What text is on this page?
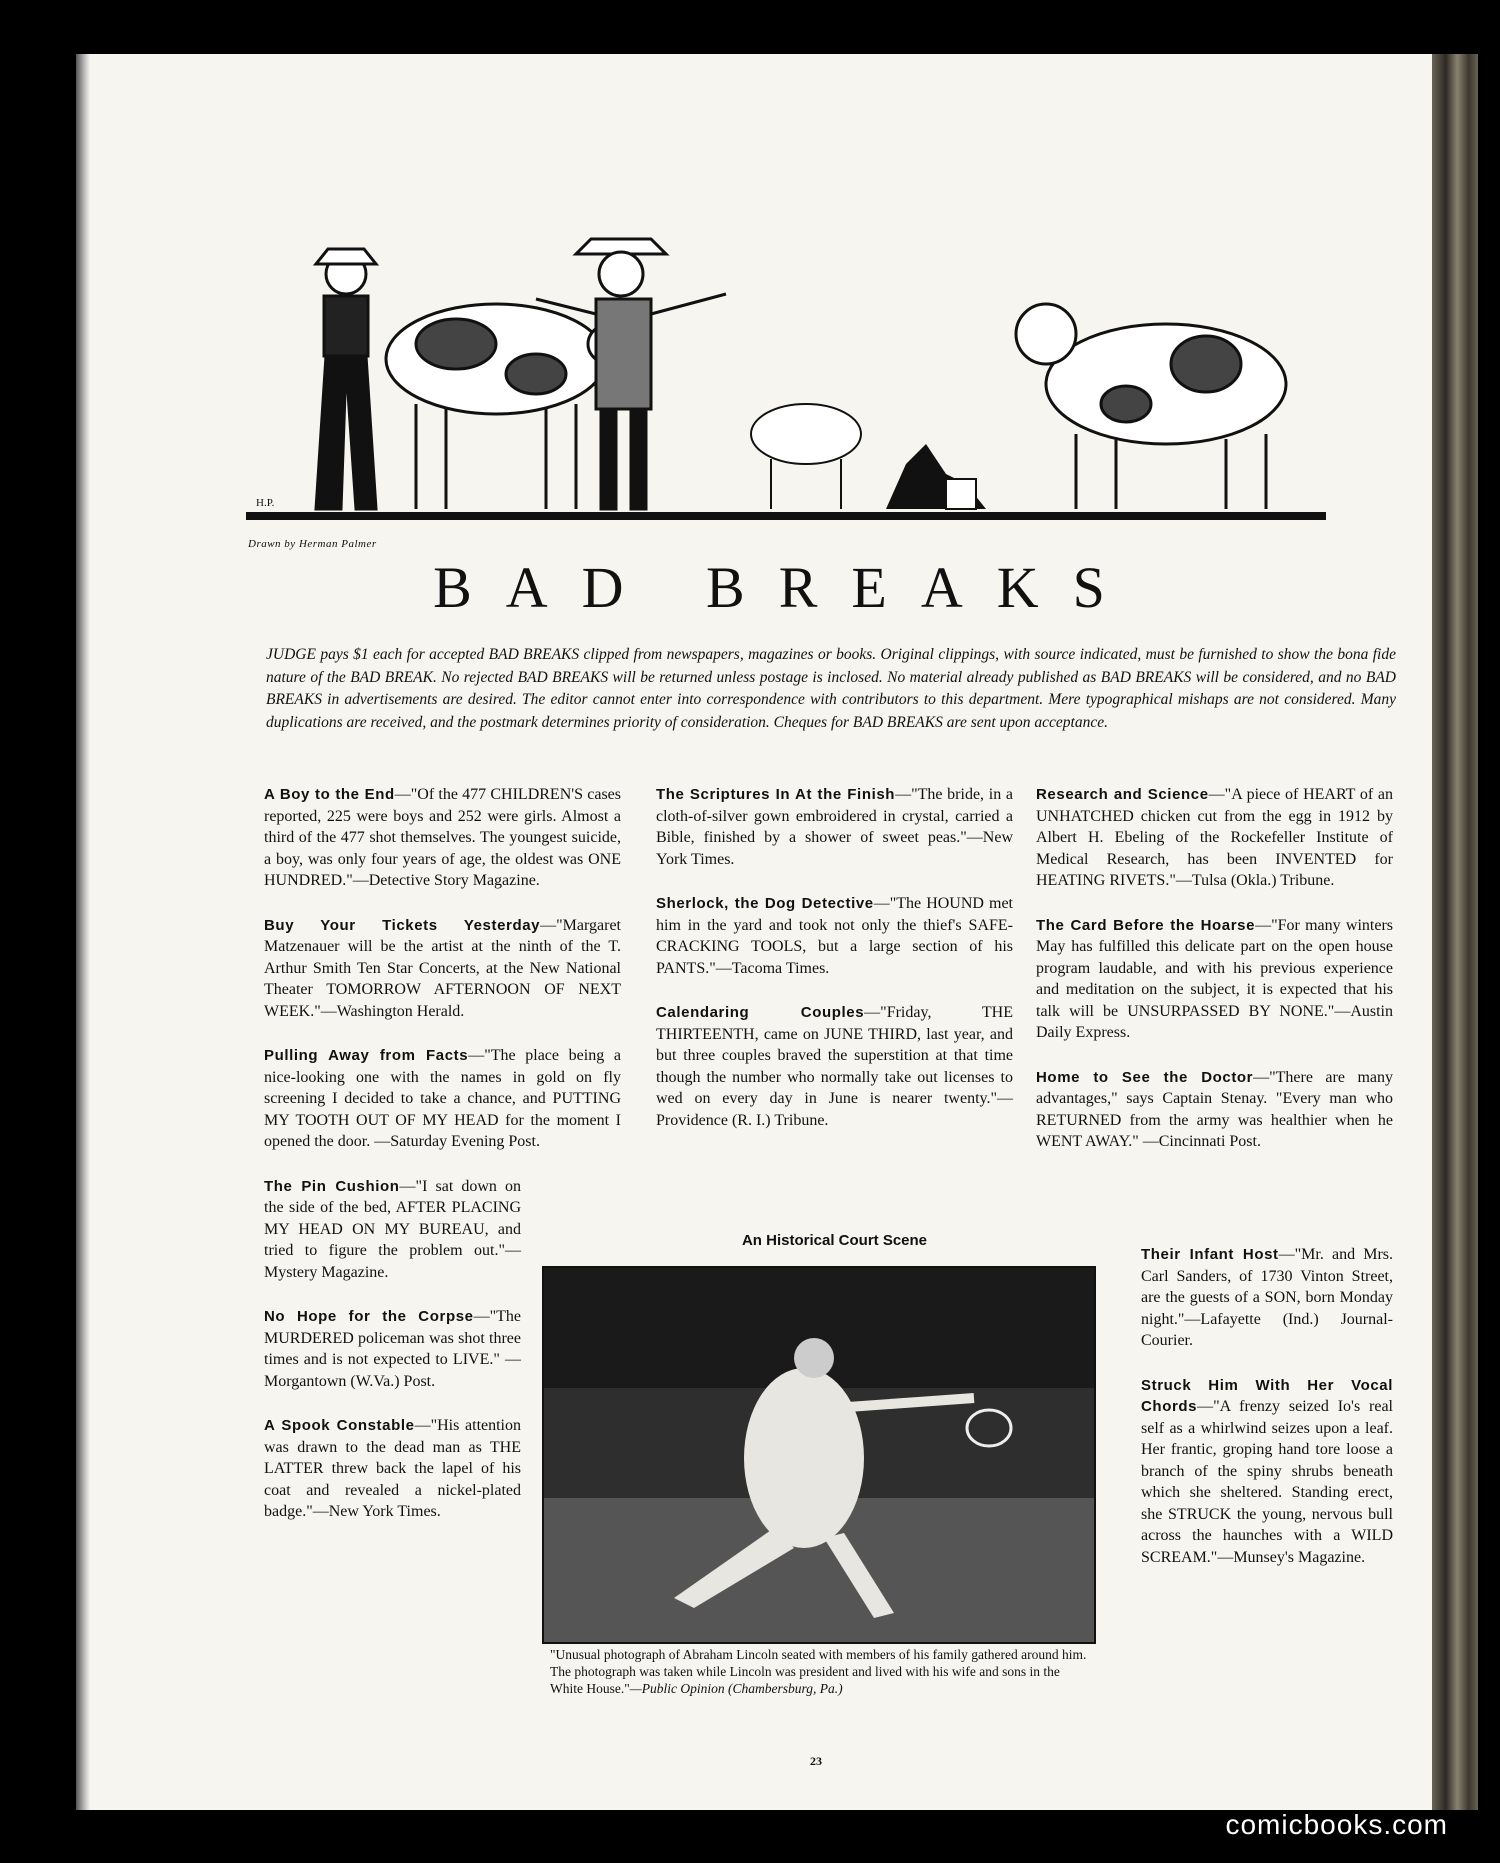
H.P.
Drawn by Herman Palmer
BAD BREAKS
JUDGE pays $1 each for accepted BAD BREAKS clipped from newspapers, magazines or books. Original clippings, with source indicated, must be furnished to show the bona fide nature of the BAD BREAK. No rejected BAD BREAKS will be returned unless postage is inclosed. No material already published as BAD BREAKS will be considered, and no BAD BREAKS in advertisements are desired. The editor cannot enter into correspondence with contributors to this department. Mere typographical mishaps are not considered. Many duplications are received, and the postmark determines priority of consideration. Cheques for BAD BREAKS are sent upon acceptance.
A Boy to the End—"Of the 477 CHILDREN'S cases reported, 225 were boys and 252 were girls. Almost a third of the 477 shot themselves. The youngest suicide, a boy, was only four years of age, the oldest was ONE HUNDRED."—Detective Story Magazine.
Buy Your Tickets Yesterday—"Margaret Matzenauer will be the artist at the ninth of the T. Arthur Smith Ten Star Concerts, at the New National Theater TOMORROW AFTERNOON OF NEXT WEEK."—Washington Herald.
Pulling Away from Facts—"The place being a nice-looking one with the names in gold on fly screening I decided to take a chance, and PUTTING MY TOOTH OUT OF MY HEAD for the moment I opened the door. —Saturday Evening Post.
The Pin Cushion—"I sat down on the side of the bed, AFTER PLACING MY HEAD ON MY BUREAU, and tried to figure the problem out."—Mystery Magazine.
No Hope for the Corpse—"The MURDERED policeman was shot three times and is not expected to LIVE." —Morgantown (W.Va.) Post.
A Spook Constable—"His attention was drawn to the dead man as THE LATTER threw back the lapel of his coat and revealed a nickel-plated badge."—New York Times.
The Scriptures In At the Finish—"The bride, in a cloth-of-silver gown embroidered in crystal, carried a Bible, finished by a shower of sweet peas."—New York Times.
Sherlock, the Dog Detective—"The HOUND met him in the yard and took not only the thief's SAFE-CRACKING TOOLS, but a large section of his PANTS."—Tacoma Times.
Calendaring Couples—"Friday, THE THIRTEENTH, came on JUNE THIRD, last year, and but three couples braved the superstition at that time though the number who normally take out licenses to wed on every day in June is nearer twenty."—Providence (R. I.) Tribune.
Research and Science—"A piece of HEART of an UNHATCHED chicken cut from the egg in 1912 by Albert H. Ebeling of the Rockefeller Institute of Medical Research, has been INVENTED for HEATING RIVETS."—Tulsa (Okla.) Tribune.
The Card Before the Hoarse—"For many winters May has fulfilled this delicate part on the open house program laudable, and with his previous experience and meditation on the subject, it is expected that his talk will be UNSURPASSED BY NONE."—Austin Daily Express.
Home to See the Doctor—"There are many advantages," says Captain Stenay. "Every man who RETURNED from the army was healthier when he WENT AWAY." —Cincinnati Post.
Their Infant Host—"Mr. and Mrs. Carl Sanders, of 1730 Vinton Street, are the guests of a SON, born Monday night."—Lafayette (Ind.) Journal-Courier.
Struck Him With Her Vocal Chords—"A frenzy seized Io's real self as a whirlwind seizes upon a leaf. Her frantic, groping hand tore loose a branch of the spiny shrubs beneath which she sheltered. Standing erect, she STRUCK the young, nervous bull across the haunches with a WILD SCREAM."—Munsey's Magazine.
An Historical Court Scene
"Unusual photograph of Abraham Lincoln seated with members of his family gathered around him. The photograph was taken while Lincoln was president and lived with his wife and sons in the White House."—Public Opinion (Chambersburg, Pa.)
23
comicbooks.com
